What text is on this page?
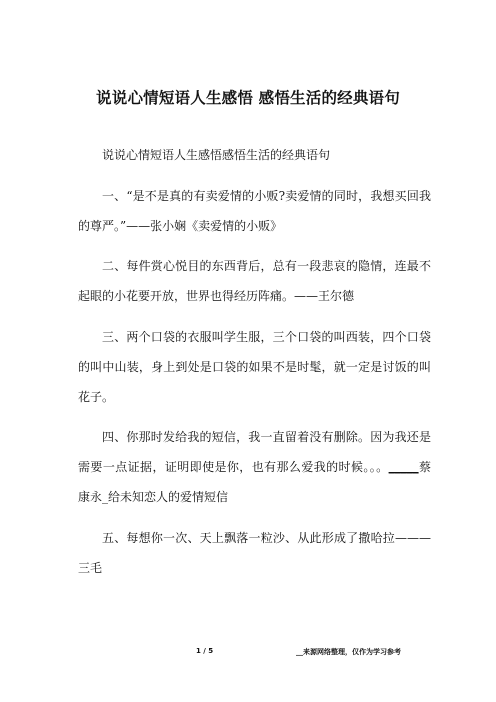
说说心情短语人生感悟 感悟生活的经典语句

说说心情短语人生感悟感悟生活的经典语句

一、“是不是真的有卖爱情的小贩?卖爱情的同时，我想买回我的尊严。”——张小娴《卖爱情的小贩》

二、每件赏心悦目的东西背后，总有一段悲哀的隐情，连最不起眼的小花要开放，世界也得经历阵痛。——王尔德

三、两个口袋的衣服叫学生服，三个口袋的叫西装，四个口袋的叫中山装，身上到处是口袋的如果不是时髦，就一定是讨饭的叫花子。

四、你那时发给我的短信，我一直留着没有删除。因为我还是需要一点证据，证明即使是你，也有那么爱我的时候。。。_____蔡康永_给未知恋人的爱情短信

五、每想你一次、天上飘落一粒沙、从此形成了撒哈拉———三毛

1 / 5	__来源网络整理，仅作为学习参考
